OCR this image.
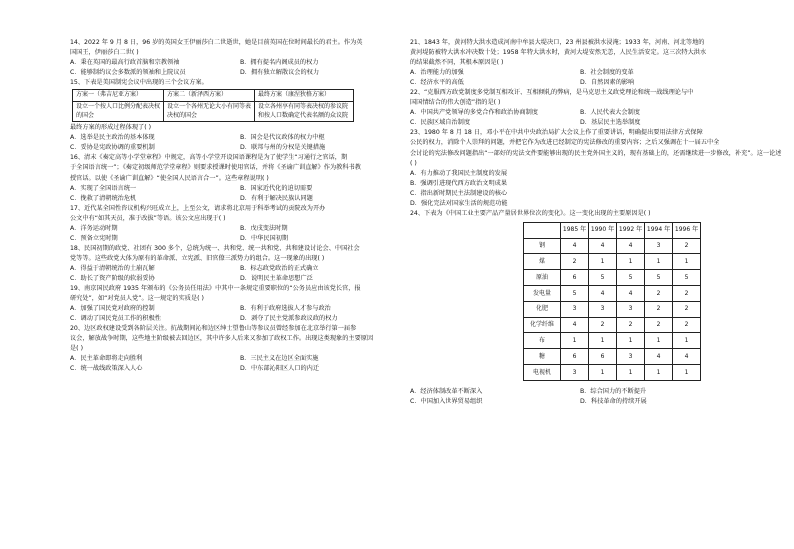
14、2022 年 9 月 8 日，96 岁的英国女王伊丽莎白二世逝世，她是目前英国在位时间最长的君主。作为英

国国王，伊丽莎白二世( )

A．秉在英国的最高行政首脑和宗教领袖	B．拥有提名内阁成员的权力

C．能够制约议会多数派的领袖和上院议员	D．拥有独立解散议会的权力

15、下表是美国制宪会议中出现的三个会议方案。

方案一（弗吉尼亚方案）	方案二（新泽西方案）	最终方案（康涅狄格方案）
设立一个按人口比例分配表决权的国会	设立一个各州无论大小有同等表决权的国会	设立各州享有同等表决权的参议院和按人口数确定代表名额的众议院

最终方案的形成过程体现了( )

A．选举是民主政治的基本体现	B．国会是代议政体的权力中枢

C．妥协是宪政协调的重要机制	D．联邦与州的分权是关键措施

16、清末《奏定高等小学堂章程》中规定，高等小学堂开设国语课程是为了使学生“习通行之官话，期

于全国语言统一”；《奏定初级师范学堂章程》则要求授课时使用官话，并将《圣谕广训直解》作为教科书教

授官话。以使《圣谕广训直解》“使全国人民语言合一”。这些章程说明( )

A．实现了全国语言统一	B．国家近代化的迫切需要

C．挽救了清朝统治危机	D．有利于解决民族认同题

17、近代某全国性咨议机构兴旺成立上，上至公文，请求将北京用于科举考试的贡院改为开办

公文中有“如其天员，准于改拔”等语。该公文应出现于( )

A．洋务运动时期	B．戊戌变法时期

C．预备立宪时期	D．中华民国初期

18、民国初期的政党、社团有 300 多个，总统为统一、共和党、统一共和党、共和建设讨论会、中国社会

党等等。这些政党大体为原有的革命派、立宪派、旧官僚三派势力的组合。这一现象的出现( )

A．得益于清朝统治的土崩瓦解	B．标志政党政治的正式确立

C．助长了资产阶级的软弱妥协	D．说明民主革命思想广泛

19、南京国民政府 1935 年颁布的《公务员任用法》中其中一条规定重要职位的“公务员应由该党长官，报

研究处”，如“对党员人党”。这一规定的实质是( )

A．加强了国民党对政府的控制	B．有利于政府选拔人才参与政治

C．调动了国民党员工作的积极性	D．剥夺了民主党派参政议政的权力

20、边区政权建设受到各阶层关注。抗战期间沁和边区绅士望鲁山等参议员曾经参加在北京举行第一届参

议会，解放战争时期，这些地主阶级被去回边区，其中许多人后来又参加了政权工作。出现这类现象的主要原因

是( )

A．民主革命即将走向胜利	B．三民主义在边区全面实施

C．统一战线政策深入人心	D．中东部沁阳区人口的内迁

21、1843 年，黄河特大洪水造成河南中牟县大堤决口，23 州县被洪水浸淹；1933 年，河南、河北等地的

黄河堤防被特大洪水冲决数十处；1958 年特大洪水时，黄河大堤安然无恙，人民生活安定。这三次特大洪水

的结果截然不同，其根本原因是( )

A．治理能力的加强	B．社会制度的变革

C．经济水平的高低	D．自然因素的影响

22、“克服西方政党制度多党制互相攻讦、互相倾轧的弊病，是马克思主义政党理论和统一战线理论与中

国国情结合的伟大创造”指的是( )

A．中国共产党领导的多党合作和政治协商制度	B．人民代表大会制度

C．民族区域自治制度	D．基层民主选举制度

23、1980 年 8 月 18 日，邓小平在中共中央政治局扩大会议上作了重要讲话，明确提出要用法律方式保障

公民的权力，消除个人崇拜的问题，并把它作为改进已经制定的宪法修改的重要内容；之后又强调在十一届五中全

会讨论的宪法修改问题指出“一部好的宪法文件要能够出现的民主党外国主义的，现有基础上的，还需继续进一步修改，补充”。这一论述

( )

A．有力推动了我国民主制度的发展

B．强调引进现代西方政治文明成果

C．指出新时期民主法制建设的核心

D．强化完法对国家生活的规范功能

24、下表为《中国工业主要产品产量居世界位次的变化》。这一变化出现的主要原因是( )

	1985 年	1990 年	1992 年	1994 年	1996 年
钢	4	4	4	3	2
煤	2	1	1	1	1
原油	6	5	5	5	5
发电量	5	4	4	2	2
化肥	3	3	3	2	2
化学纤维	4	2	2	2	2
布	1	1	1	1	1
糖	6	6	3	4	4
电视机	3	1	1	1	1

A．经济体制改革不断深入	B．综合国力的不断提升

C．中国加入世界贸易组织	D．科技革命的持续开展
